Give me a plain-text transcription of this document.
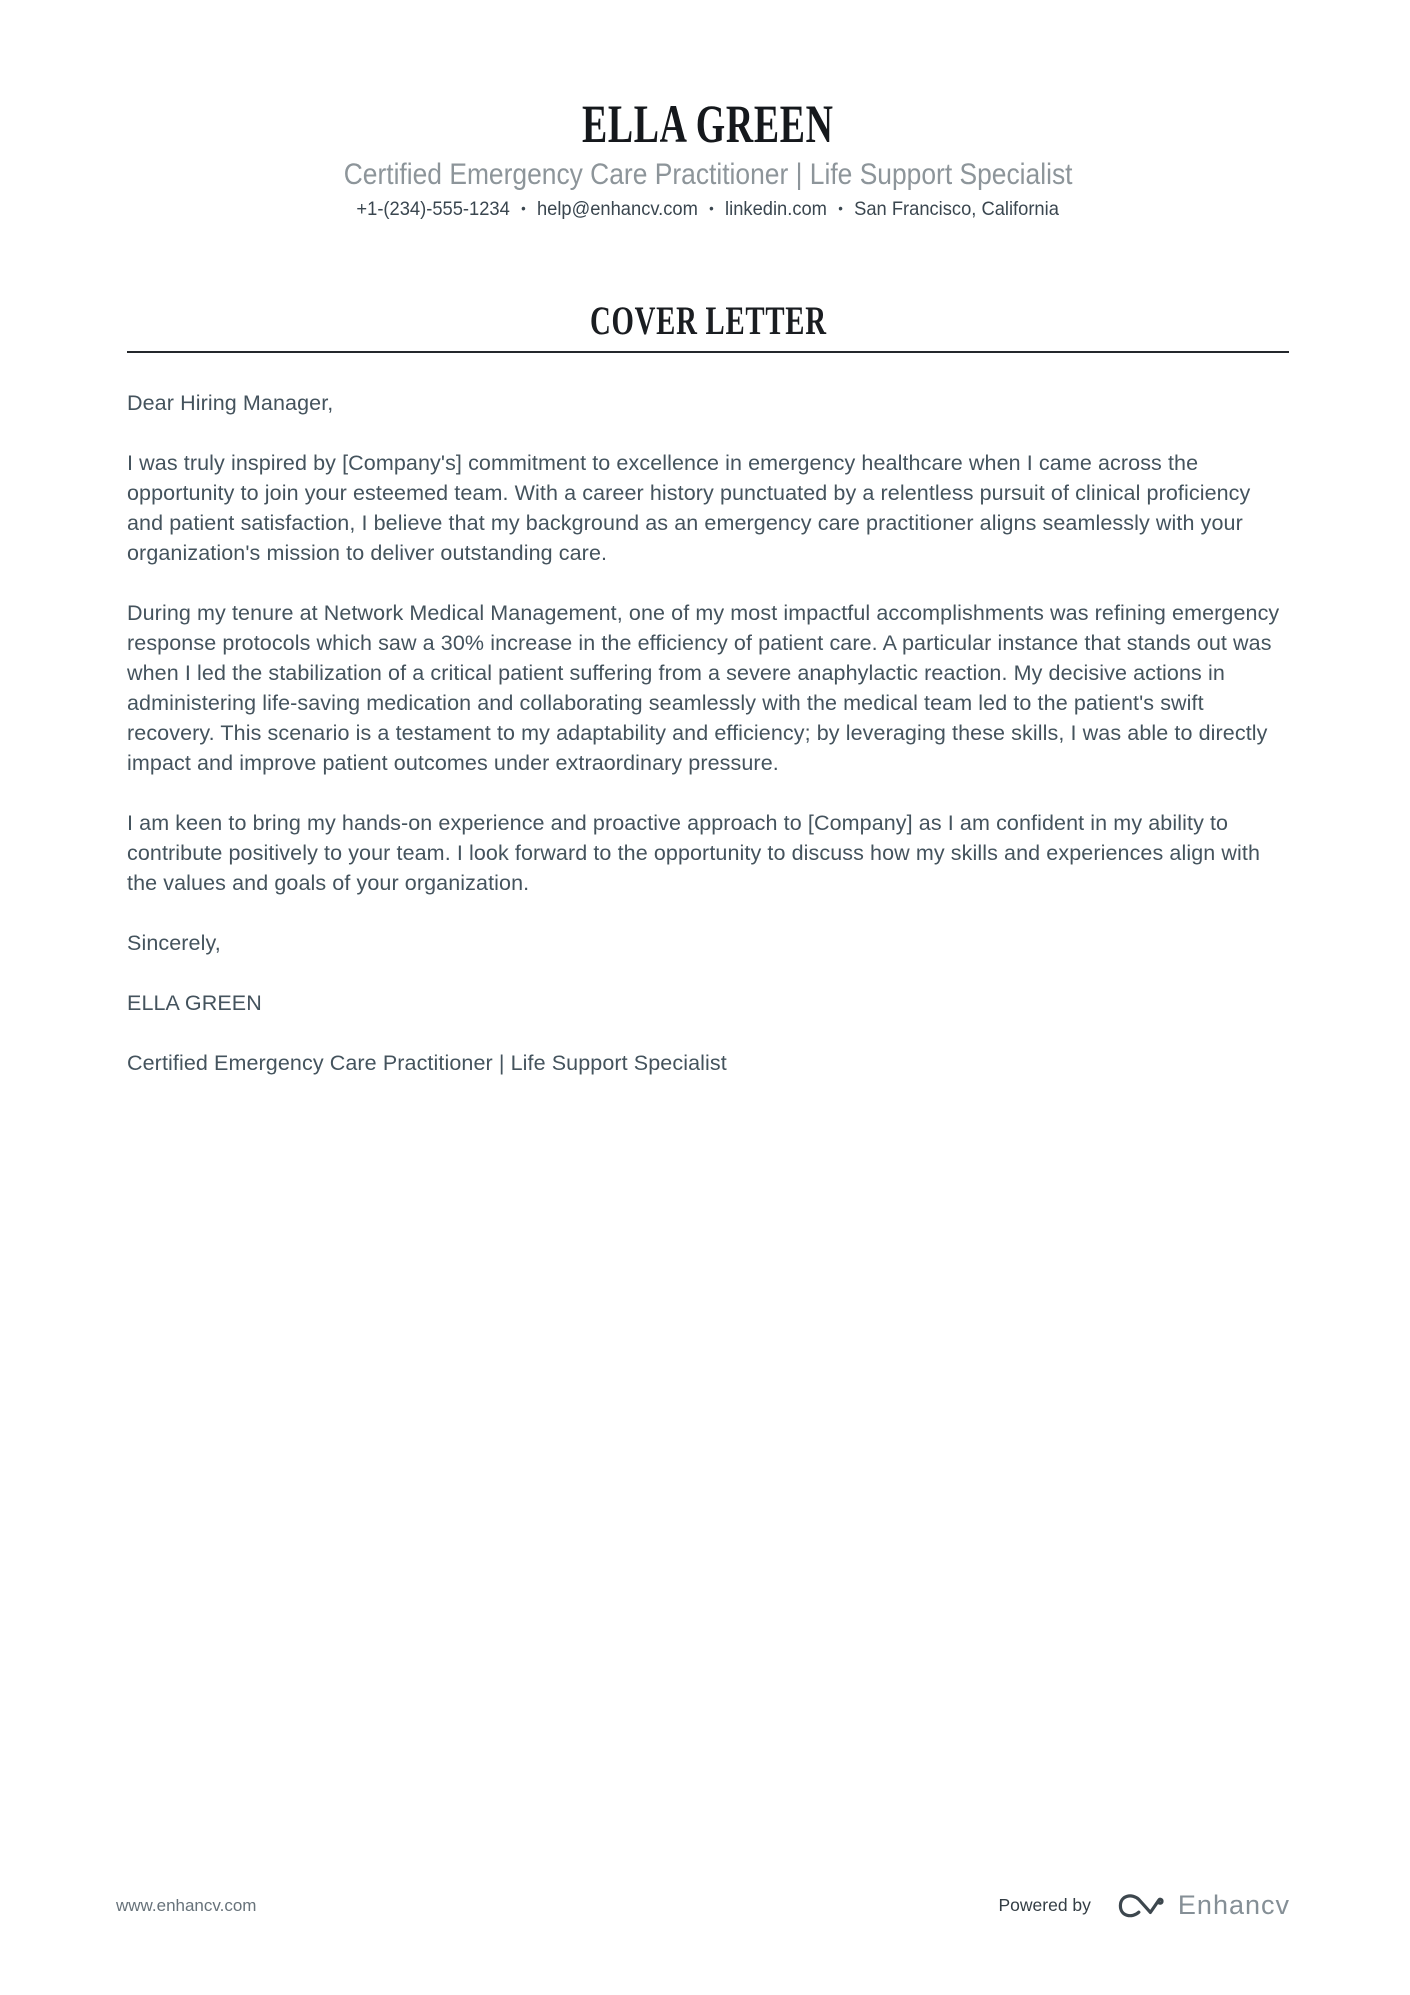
ELLA GREEN
Certified Emergency Care Practitioner | Life Support Specialist
+1-(234)-555-1234 • help@enhancv.com • linkedin.com • San Francisco, California
COVER LETTER

Dear Hiring Manager,

I was truly inspired by [Company's] commitment to excellence in emergency healthcare when I came across the opportunity to join your esteemed team. With a career history punctuated by a relentless pursuit of clinical proficiency and patient satisfaction, I believe that my background as an emergency care practitioner aligns seamlessly with your organization's mission to deliver outstanding care.

During my tenure at Network Medical Management, one of my most impactful accomplishments was refining emergency response protocols which saw a 30% increase in the efficiency of patient care. A particular instance that stands out was when I led the stabilization of a critical patient suffering from a severe anaphylactic reaction. My decisive actions in administering life-saving medication and collaborating seamlessly with the medical team led to the patient's swift recovery. This scenario is a testament to my adaptability and efficiency; by leveraging these skills, I was able to directly impact and improve patient outcomes under extraordinary pressure.

I am keen to bring my hands-on experience and proactive approach to [Company] as I am confident in my ability to contribute positively to your team. I look forward to the opportunity to discuss how my skills and experiences align with the values and goals of your organization.

Sincerely,

ELLA GREEN

Certified Emergency Care Practitioner | Life Support Specialist

www.enhancv.com	Powered by	Enhancv
